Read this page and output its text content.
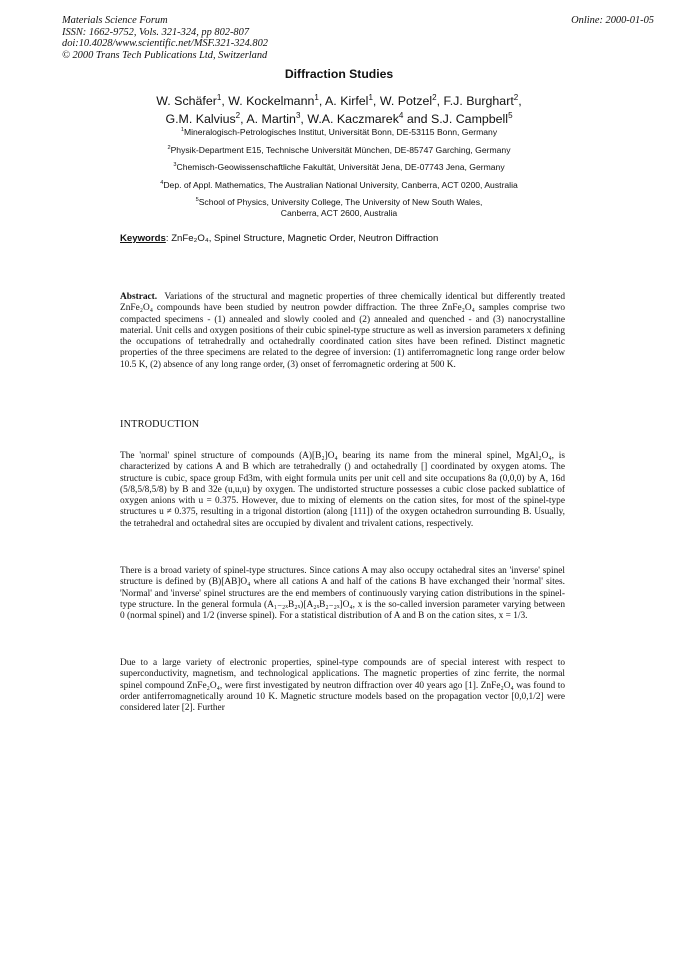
Materials Science Forum
ISSN: 1662-9752, Vols. 321-324, pp 802-807
doi:10.4028/www.scientific.net/MSF.321-324.802
© 2000 Trans Tech Publications Ltd, Switzerland
Online: 2000-01-05
Diffraction Studies
W. Schäfer$^1$, W. Kockelmann$^1$, A. Kirfel$^1$, W. Potzel$^2$, F.J. Burghart$^2$,
G.M. Kalvius$^2$, A. Martin$^3$, W.A. Kaczmarek$^4$ and S.J. Campbell$^5$
$^1$Mineralogisch-Petrologisches Institut, Universität Bonn, DE-53115 Bonn, Germany
$^2$Physik-Department E15, Technische Universität München, DE-85747 Garching, Germany
$^3$Chemisch-Geowissenschaftliche Fakultät, Universität Jena, DE-07743 Jena, Germany
$^4$Dep. of Appl. Mathematics, The Australian National University, Canberra, ACT 0200, Australia
$^5$School of Physics, University College, The University of New South Wales,
Canberra, ACT 2600, Australia
Keywords: ZnFe₂O₄, Spinel Structure, Magnetic Order, Neutron Diffraction
Abstract. Variations of the structural and magnetic properties of three chemically identical but differently treated ZnFe₂O₄ compounds have been studied by neutron powder diffraction. The three ZnFe₂O₄ samples comprise two compacted specimens - (1) annealed and slowly cooled and (2) annealed and quenched - and (3) nanocrystalline material. Unit cells and oxygen positions of their cubic spinel-type structure as well as inversion parameters x defining the occupations of tetrahedrally and octahedrally coordinated cation sites have been refined. Distinct magnetic properties of the three specimens are related to the degree of inversion: (1) antiferromagnetic long range order below 10.5 K, (2) absence of any long range order, (3) onset of ferromagnetic ordering at 500 K.
INTRODUCTION
The 'normal' spinel structure of compounds (A)[B₂]O₄ bearing its name from the mineral spinel, MgAl₂O₄, is characterized by cations A and B which are tetrahedrally () and octahedrally [] coordinated by oxygen atoms. The structure is cubic, space group Fd3m, with eight formula units per unit cell and site occupations 8a (0,0,0) by A, 16d (5/8,5/8,5/8) by B and 32e (u,u,u) by oxygen. The undistorted structure possesses a cubic close packed sublattice of oxygen anions with u = 0.375. However, due to mixing of elements on the cation sites, for most of the spinel-type structures u ≠ 0.375, resulting in a trigonal distortion (along [111]) of the oxygen octahedron surrounding B. Usually, the tetrahedral and octahedral sites are occupied by divalent and trivalent cations, respectively.
There is a broad variety of spinel-type structures. Since cations A may also occupy octahedral sites an 'inverse' spinel structure is defined by (B)[AB]O₄ where all cations A and half of the cations B have exchanged their 'normal' sites. 'Normal' and 'inverse' spinel structures are the end members of continuously varying cation distributions in the spinel-type structure. In the general formula (A₁₋₂ₓB₂ₓ)[A₂ₓB₂₋₂ₓ]O₄, x is the so-called inversion parameter varying between 0 (normal spinel) and 1/2 (inverse spinel). For a statistical distribution of A and B on the cation sites, x = 1/3.
Due to a large variety of electronic properties, spinel-type compounds are of special interest with respect to superconductivity, magnetism, and technological applications. The magnetic properties of zinc ferrite, the normal spinel compound ZnFe₂O₄, were first investigated by neutron diffraction over 40 years ago [1]. ZnFe₂O₄ was found to order antiferromagnetically around 10 K. Magnetic structure models based on the propagation vector [0,0,1/2] were considered later [2]. Further
